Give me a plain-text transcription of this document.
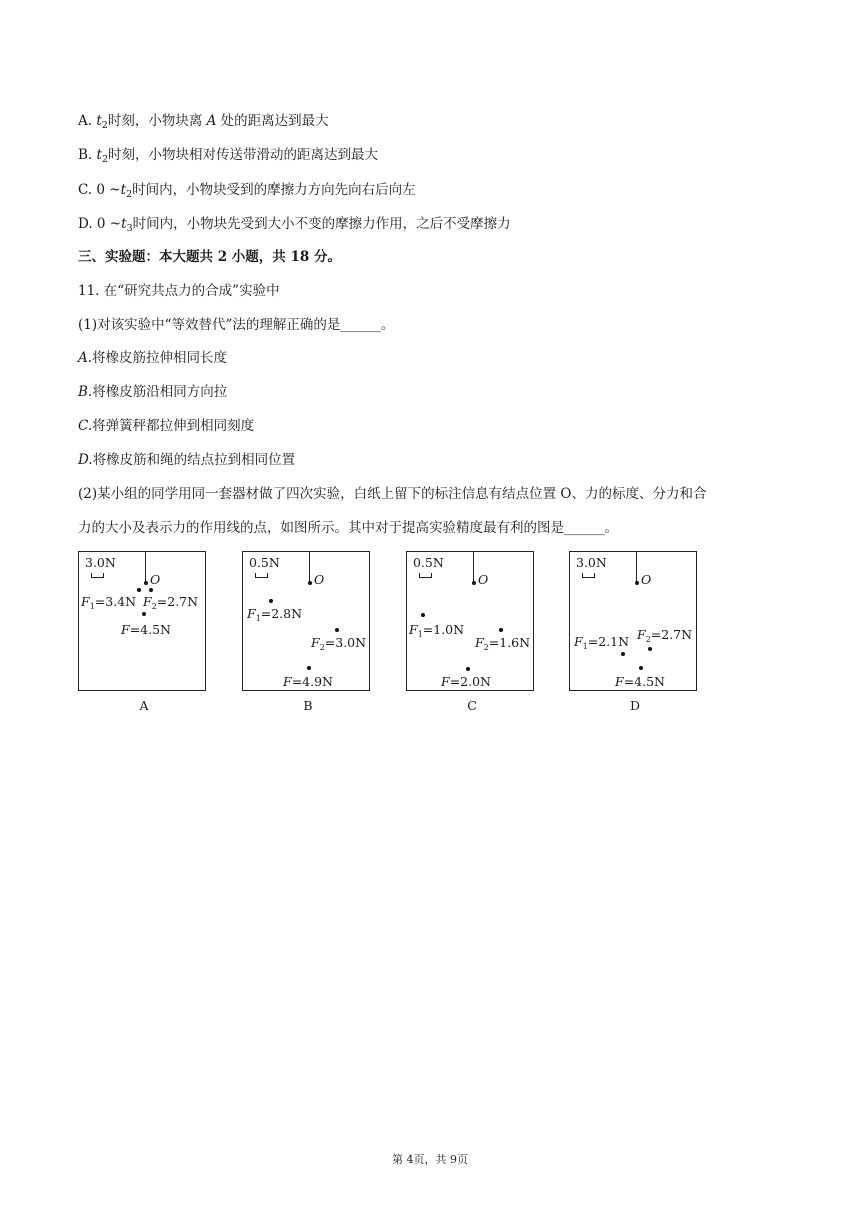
A. $t_2$时刻，小物块离 A 处的距离达到最大
B. $t_2$时刻，小物块相对传送带滑动的距离达到最大
C. 0 $\sim t_2$时间内，小物块受到的摩擦力方向先向右后向左
D. 0 $\sim t_3$时间内，小物块先受到大小不变的摩擦力作用，之后不受摩擦力
三、实验题：本大题共 2 小题，共 18 分。
11. 在“研究共点力的合成”实验中
(1)对该实验中“等效替代”法的理解正确的是______。
A.将橡皮筋拉伸相同长度
B.将橡皮筋沿相同方向拉
C.将弹簧秤都拉伸到相同刻度
D.将橡皮筋和绳的结点拉到相同位置
(2)某小组的同学用同一套器材做了四次实验，白纸上留下的标注信息有结点位置 O、力的标度、分力和合
力的大小及表示力的作用线的点，如图所示。其中对于提高实验精度最有利的图是______。
3.0N
O
$F_1=3.4N$ $F_2=2.7N$
F=4.5N
A
0.5N
O
$F_1=2.8N$
$F_2=3.0N$
F=4.9N
B
0.5N
O
$F_1=1.0N$
$F_2=1.6N$
F=2.0N
C
3.0N
O
$F_1=2.1N$ $F_2=2.7N$
F=4.5N
D
第 4页，共 9页
